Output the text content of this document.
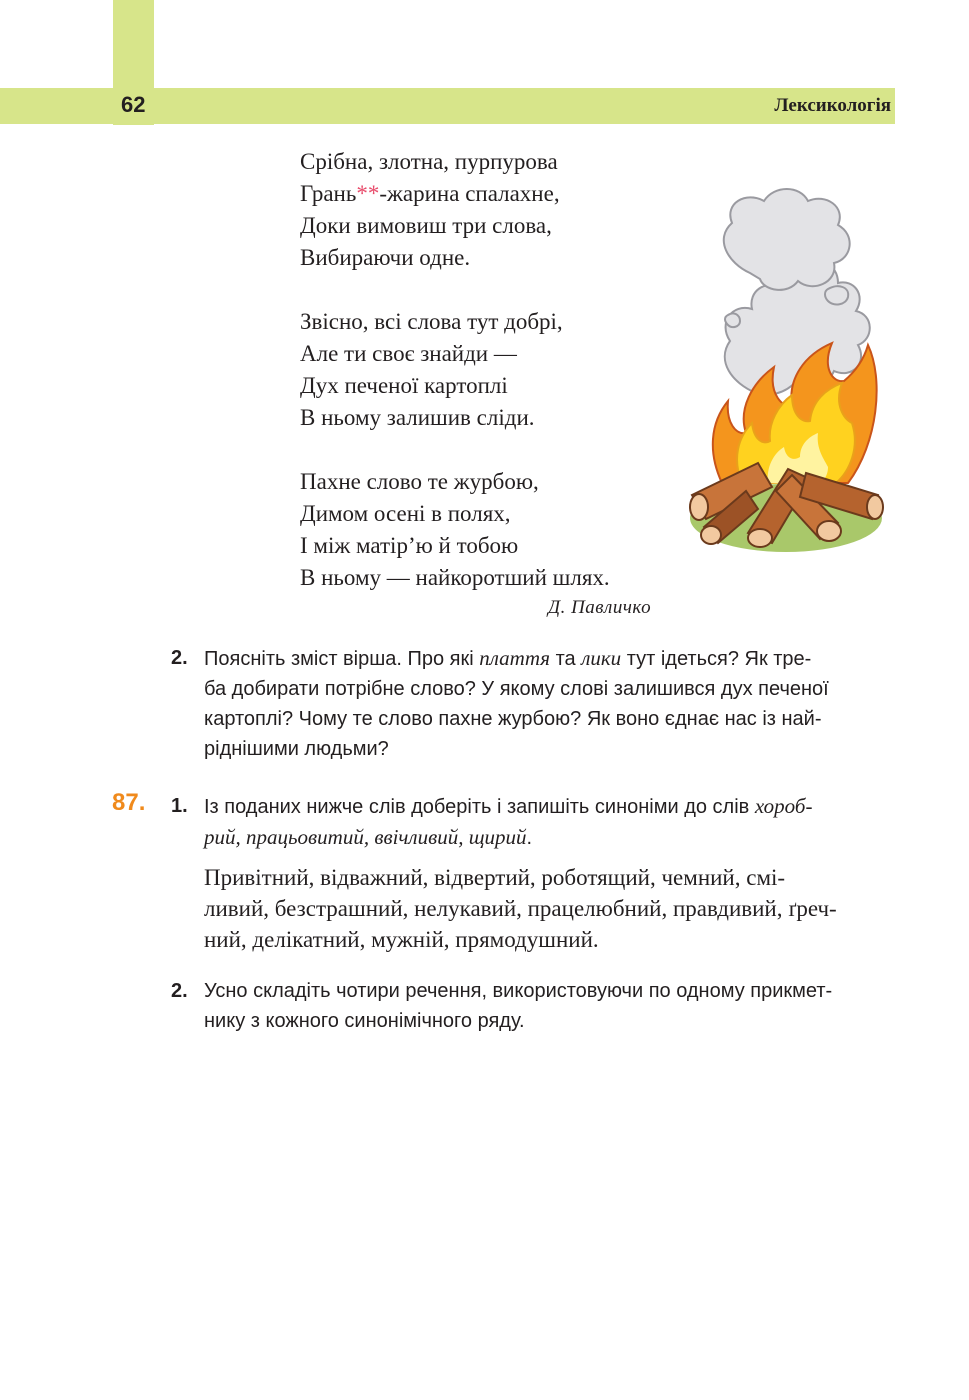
62	Лексикологія
Срібна, злотна, пурпурова
Грань**-жарина спалахне,
Доки вимовиш три слова,
Вибираючи одне.
Звісно, всі слова тут добрі,
Але ти своє знайди —
Дух печеної картоплі
В ньому залишив сліди.
Пахне слово те журбою,
Димом осені в полях,
І між матір’ю й тобою
В ньому — найкоротший шлях.
Д. Павличко
2. Поясніть зміст вірша. Про які плаття та лики тут ідеться? Як тре-
ба добирати потрібне слово? У якому слові залишився дух печеної
картоплі? Чому те слово пахне журбою? Як воно єднає нас із най-
ріднішими людьми?
87. 1. Із поданих нижче слів доберіть і запишіть синоніми до слів хороб-
рий, працьовитий, ввічливий, щирий.
Привітний, відважний, відвертий, роботящий, чемний, смі-
ливий, безстрашний, нелукавий, працелюбний, правдивий, ґреч-
ний, делікатний, мужній, прямодушний.
2. Усно складіть чотири речення, використовуючи по одному прикмет-
нику з кожного синонімічного ряду.
